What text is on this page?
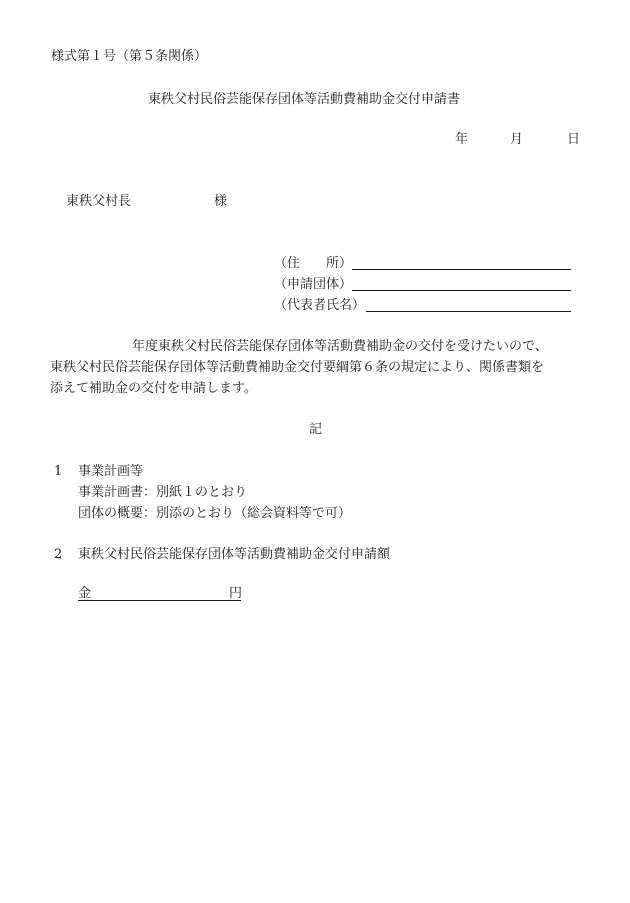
様式第１号（第５条関係）
東秩父村民俗芸能保存団体等活動費補助金交付申請書
年	月	日
東秩父村長	様
（住　　所）
（申請団体）
（代表者氏名）
年度東秩父村民俗芸能保存団体等活動費補助金の交付を受けたいので、
東秩父村民俗芸能保存団体等活動費補助金交付要綱第６条の規定により、関係書類を
添えて補助金の交付を申請します。
記
1 事業計画等
事業計画書：別紙１のとおり
団体の概要：別添のとおり（総会資料等で可）
2 東秩父村民俗芸能保存団体等活動費補助金交付申請額
金	円
